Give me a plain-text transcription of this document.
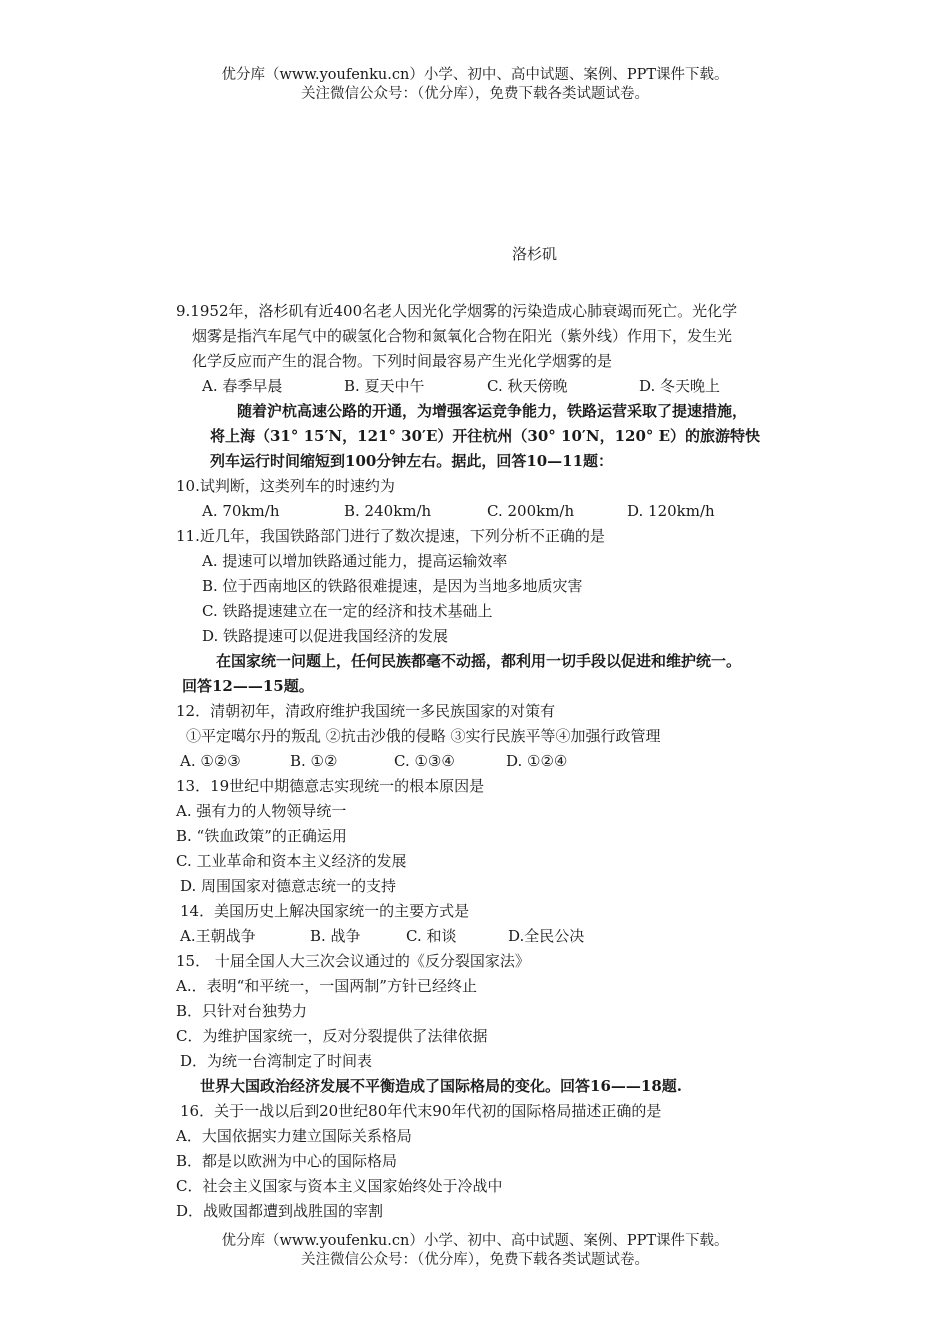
优分库（www.youfenku.cn）小学、初中、高中试题、案例、PPT课件下载。
关注微信公众号：（优分库），免费下载各类试题试卷。
洛杉矶
9.1952年，洛杉矶有近400名老人因光化学烟雾的污染造成心肺衰竭而死亡。光化学
烟雾是指汽车尾气中的碳氢化合物和氮氧化合物在阳光（紫外线）作用下，发生光
化学反应而产生的混合物。下列时间最容易产生光化学烟雾的是
A. 春季早晨	B. 夏天中午	C. 秋天傍晚	D. 冬天晚上
随着沪杭高速公路的开通，为增强客运竞争能力，铁路运营采取了提速措施，
将上海（31° 15′N，121° 30′E）开往杭州（30° 10′N，120° E）的旅游特快
列车运行时间缩短到100分钟左右。据此，回答10—11题：
10.试判断，这类列车的时速约为
A. 70km/h	B. 240km/h	C. 200km/h	D. 120km/h
11.近几年，我国铁路部门进行了数次提速，下列分析不正确的是
A. 提速可以增加铁路通过能力，提高运输效率
B. 位于西南地区的铁路很难提速，是因为当地多地质灾害
C. 铁路提速建立在一定的经济和技术基础上
D. 铁路提速可以促进我国经济的发展
在国家统一问题上，任何民族都毫不动摇，都利用一切手段以促进和维护统一。
回答12——15题。
12．清朝初年，清政府维护我国统一多民族国家的对策有
①平定噶尔丹的叛乱 ②抗击沙俄的侵略 ③实行民族平等④加强行政管理
A. ①②③	B. ①②	C. ①③④	D. ①②④
13．19世纪中期德意志实现统一的根本原因是
A. 强有力的人物领导统一
B. “铁血政策”的正确运用
C. 工业革命和资本主义经济的发展
D. 周围国家对德意志统一的支持
14．美国历史上解决国家统一的主要方式是
A.王朝战争	B. 战争	C. 和谈	D.全民公决
15． 十届全国人大三次会议通过的《反分裂国家法》
A.．表明“和平统一，一国两制”方针已经终止
B．只针对台独势力
C．为维护国家统一，反对分裂提供了法律依据
D．为统一台湾制定了时间表
世界大国政治经济发展不平衡造成了国际格局的变化。回答16——18题.
16．关于一战以后到20世纪80年代末90年代初的国际格局描述正确的是
A．大国依据实力建立国际关系格局
B．都是以欧洲为中心的国际格局
C．社会主义国家与资本主义国家始终处于冷战中
D．战败国都遭到战胜国的宰割
优分库（www.youfenku.cn）小学、初中、高中试题、案例、PPT课件下载。
关注微信公众号：（优分库），免费下载各类试题试卷。
